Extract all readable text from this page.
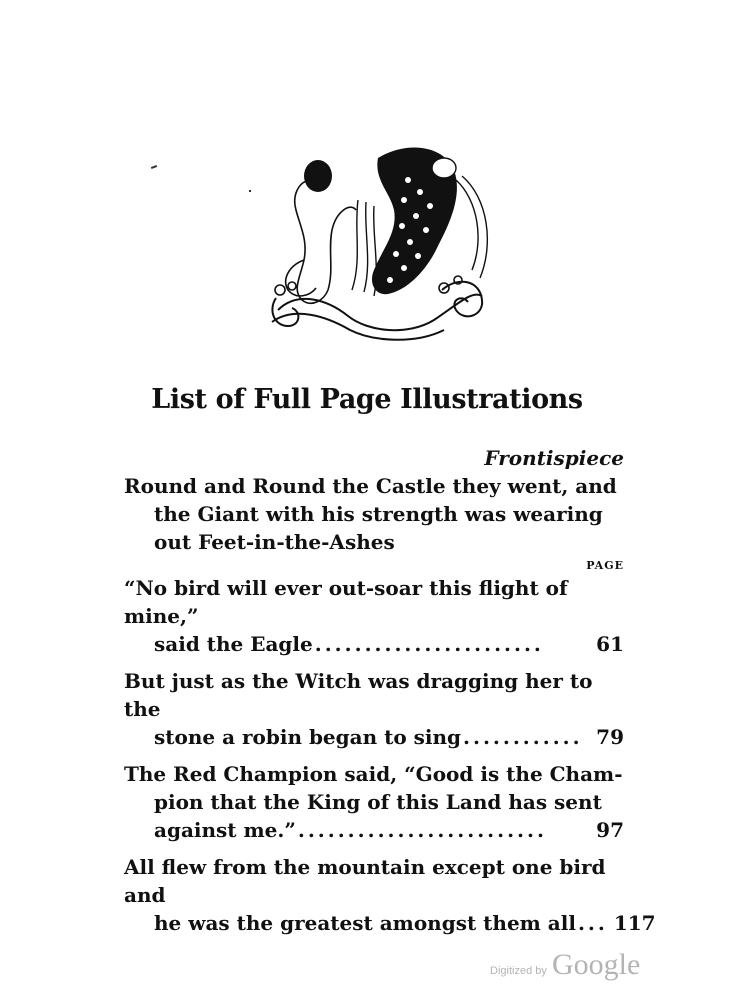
List of Full Page Illustrations
Frontispiece
Round and Round the Castle they went, and
the Giant with his strength was wearing
out Feet-in-the-Ashes
PAGE
“No bird will ever out-soar this flight of mine,”
said the Eagle .......................	61
But just as the Witch was dragging her to the
stone a robin began to sing ............ 79
The Red Champion said, “Good is the Cham-
pion that the King of this Land has sent
against me.” .........................	97
All flew from the mountain except one bird and
he was the greatest amongst them all ... 117
Digitized by Google
